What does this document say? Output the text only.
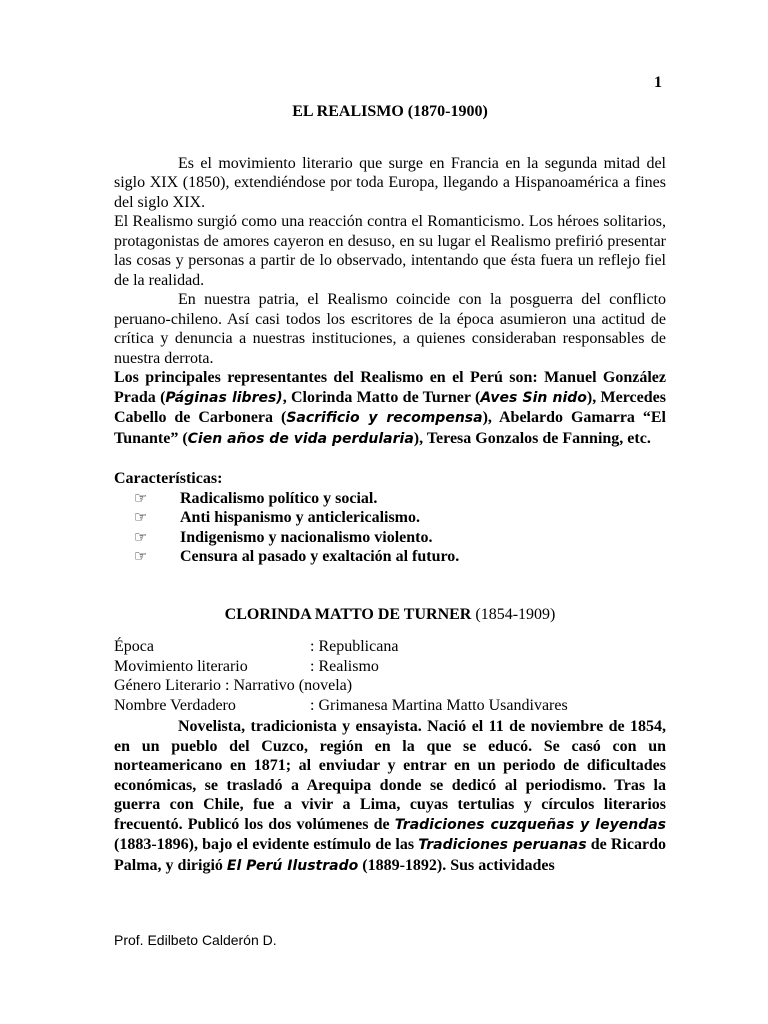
1

EL REALISMO (1870-1900)

Es el movimiento literario que surge en Francia en la segunda mitad del siglo XIX (1850), extendiéndose por toda Europa, llegando a Hispanoamérica a fines del siglo XIX.

El Realismo surgió como una reacción contra el Romanticismo. Los héroes solitarios, protagonistas de amores cayeron en desuso, en su lugar el Realismo prefirió presentar las cosas y personas a partir de lo observado, intentando que ésta fuera un reflejo fiel de la realidad.

En nuestra patria, el Realismo coincide con la posguerra del conflicto peruano-chileno. Así casi todos los escritores de la época asumieron una actitud de crítica y denuncia a nuestras instituciones, a quienes consideraban responsables de nuestra derrota.

Los principales representantes del Realismo en el Perú son: Manuel González Prada (Páginas libres), Clorinda Matto de Turner (Aves Sin nido), Mercedes Cabello de Carbonera (Sacrificio y recompensa), Abelardo Gamarra “El Tunante” (Cien años de vida perdularia), Teresa Gonzalos de Fanning, etc.

Características:

☞	Radicalismo político y social.
☞	Anti hispanismo y anticlericalismo.
☞	Indigenismo y nacionalismo violento.
☞	Censura al pasado y exaltación al futuro.

CLORINDA MATTO DE TURNER (1854-1909)

Época	: Republicana
Movimiento literario	: Realismo
Género Literario : Narrativo (novela)
Nombre Verdadero	: Grimanesa Martina Matto Usandivares

Novelista, tradicionista y ensayista. Nació el 11 de noviembre de 1854, en un pueblo del Cuzco, región en la que se educó. Se casó con un norteamericano en 1871; al enviudar y entrar en un periodo de dificultades económicas, se trasladó a Arequipa donde se dedicó al periodismo. Tras la guerra con Chile, fue a vivir a Lima, cuyas tertulias y círculos literarios frecuentó. Publicó los dos volúmenes de Tradiciones cuzqueñas y leyendas (1883-1896), bajo el evidente estímulo de las Tradiciones peruanas de Ricardo Palma, y dirigió El Perú Ilustrado (1889-1892). Sus actividades

Prof. Edilbeto Calderón D.
